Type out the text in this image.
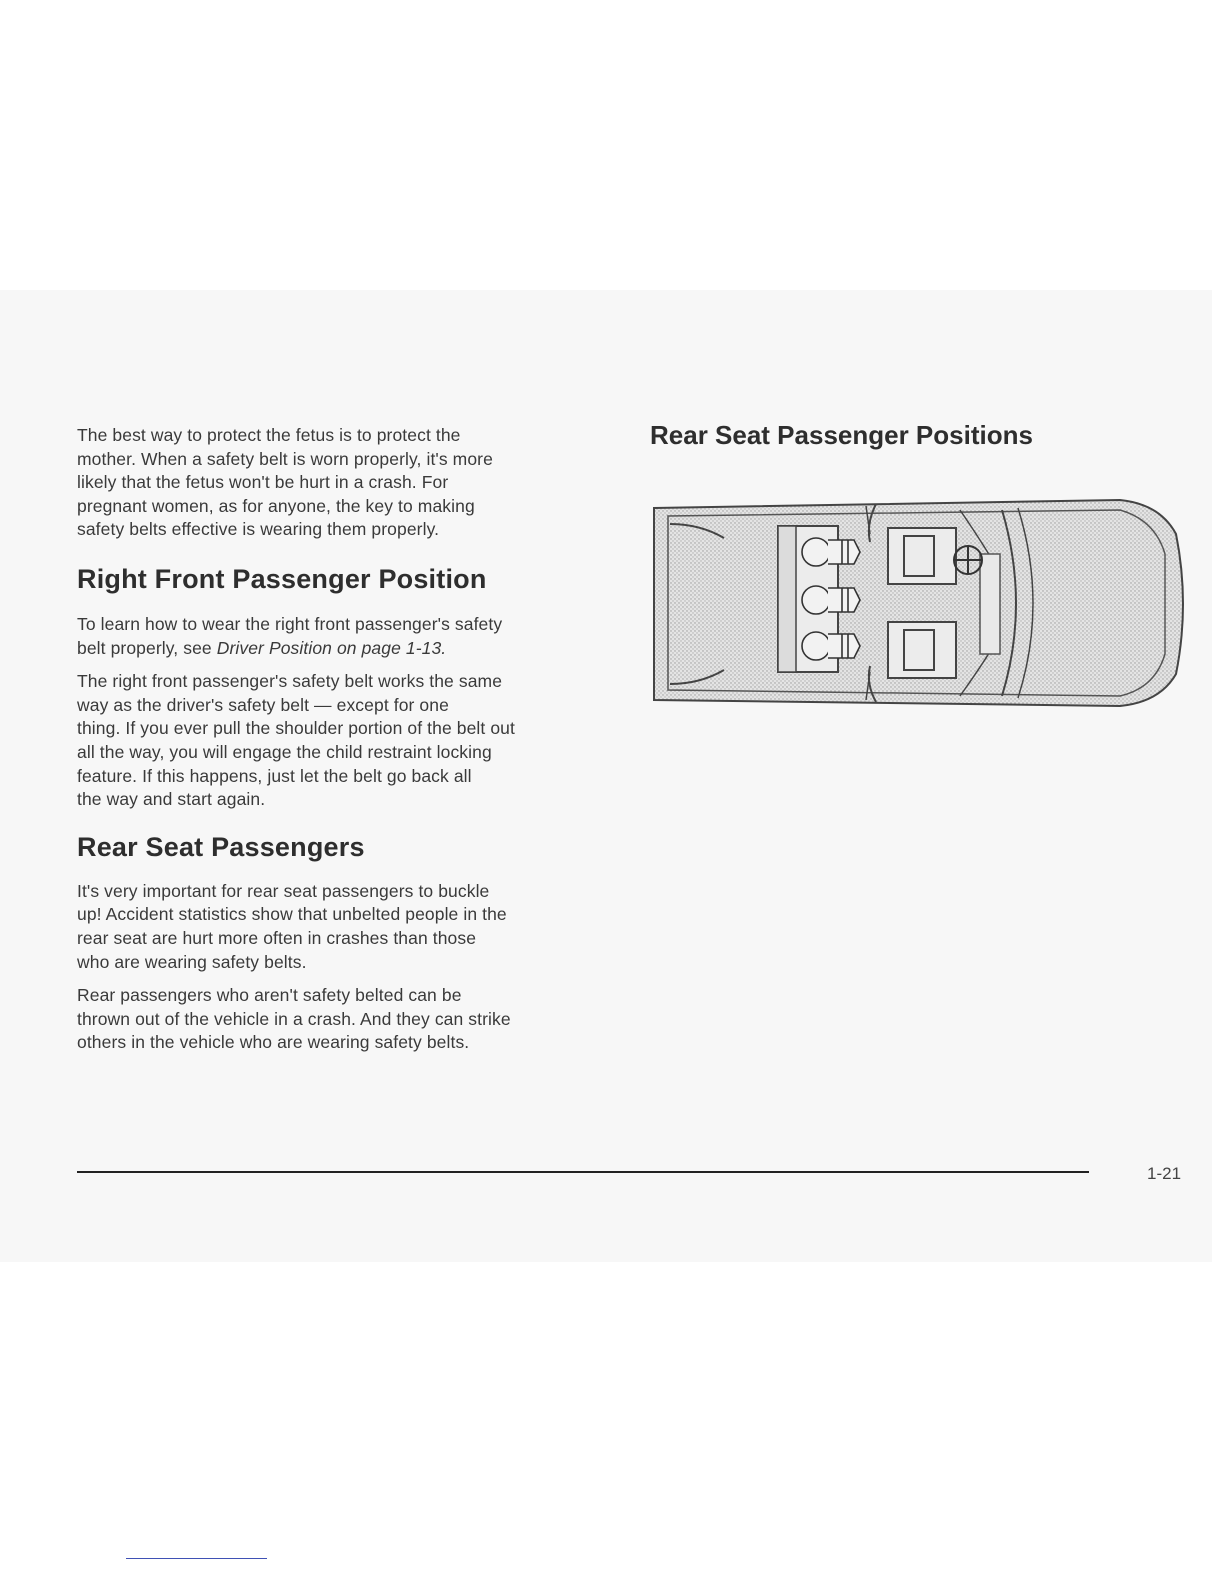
The best way to protect the fetus is to protect the
mother. When a safety belt is worn properly, it's more
likely that the fetus won't be hurt in a crash. For
pregnant women, as for anyone, the key to making
safety belts effective is wearing them properly.

Right Front Passenger Position

To learn how to wear the right front passenger's safety
belt properly, see Driver Position on page 1-13.

The right front passenger's safety belt works the same
way as the driver's safety belt — except for one
thing. If you ever pull the shoulder portion of the belt out
all the way, you will engage the child restraint locking
feature. If this happens, just let the belt go back all
the way and start again.

Rear Seat Passengers

It's very important for rear seat passengers to buckle
up! Accident statistics show that unbelted people in the
rear seat are hurt more often in crashes than those
who are wearing safety belts.

Rear passengers who aren't safety belted can be
thrown out of the vehicle in a crash. And they can strike
others in the vehicle who are wearing safety belts.

Rear Seat Passenger Positions
1-21
